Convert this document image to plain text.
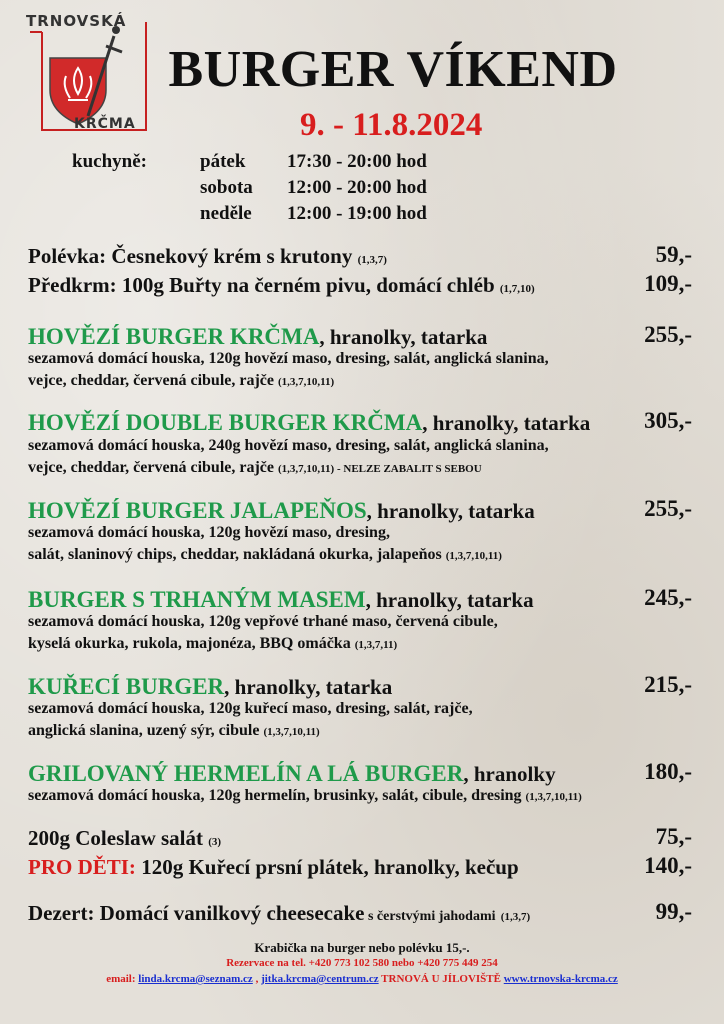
TRNOVSKÁ
KRČMA
BURGER VÍKEND
9. - 11.8.2024
kuchyně:	pátek 17:30 - 20:00 hod
sobota 12:00 - 20:00 hod
neděle 12:00 - 19:00 hod
Polévka: Česnekový krém s krutony (1,3,7)	59,-
Předkrm: 100g Buřty na černém pivu, domácí chléb (1,7,10)	109,-
HOVĚZÍ BURGER KRČMA, hranolky, tatarka	255,-
sezamová domácí houska, 120g hovězí maso, dresing, salát, anglická slanina,
vejce, cheddar, červená cibule, rajče (1,3,7,10,11)
HOVĚZÍ DOUBLE BURGER KRČMA, hranolky, tatarka 305,-
sezamová domácí houska, 240g hovězí maso, dresing, salát, anglická slanina,
vejce, cheddar, červená cibule, rajče (1,3,7,10,11) - NELZE ZABALIT S SEBOU
HOVĚZÍ BURGER JALAPEŇOS, hranolky, tatarka	255,-
sezamová domácí houska, 120g hovězí maso, dresing,
salát, slaninový chips, cheddar, nakládaná okurka, jalapeňos (1,3,7,10,11)
BURGER S TRHANÝM MASEM, hranolky, tatarka	245,-
sezamová domácí houska, 120g vepřové trhané maso, červená cibule,
kyselá okurka, rukola, majonéza, BBQ omáčka (1,3,7,11)
KUŘECÍ BURGER, hranolky, tatarka	215,-
sezamová domácí houska, 120g kuřecí maso, dresing, salát, rajče,
anglická slanina, uzený sýr, cibule (1,3,7,10,11)
GRILOVANÝ HERMELÍN A LÁ BURGER, hranolky	180,-
sezamová domácí houska, 120g hermelín, brusinky, salát, cibule, dresing (1,3,7,10,11)
200g Coleslaw salát (3)	75,-
PRO DĚTI: 120g Kuřecí prsní plátek, hranolky, kečup	140,-
Dezert: Domácí vanilkový cheesecake s čerstvými jahodami (1,3,7)	99,-
Krabička na burger nebo polévku 15,-.
Rezervace na tel. +420 773 102 580 nebo +420 775 449 254
email: linda.krcma@seznam.cz , jitka.krcma@centrum.cz TRNOVÁ U JÍLOVIŠTĚ www.trnovska-krcma.cz
